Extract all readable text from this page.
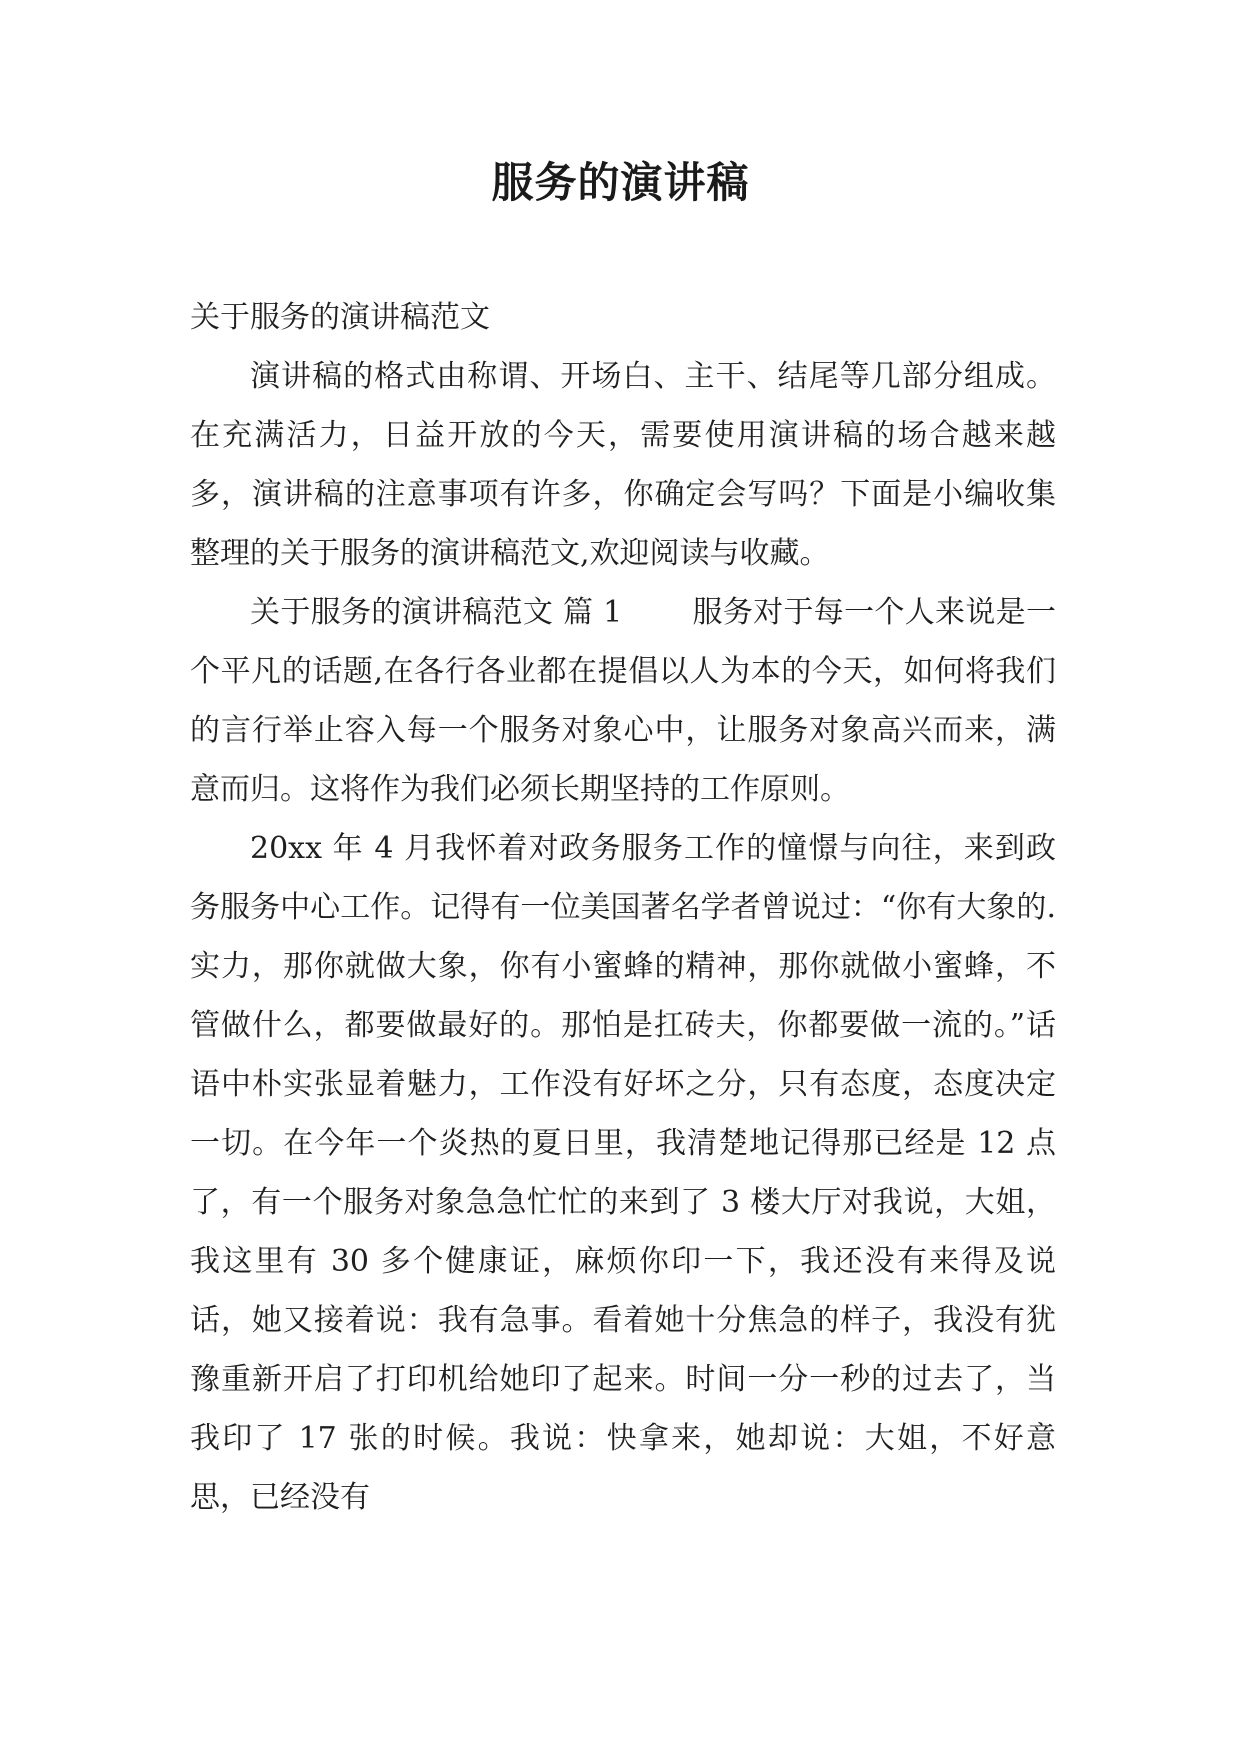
服务的演讲稿

关于服务的演讲稿范文

演讲稿的格式由称谓、开场白、主干、结尾等几部分组成。在充满活力，日益开放的今天，需要使用演讲稿的场合越来越多，演讲稿的注意事项有许多，你确定会写吗？下面是小编收集整理的关于服务的演讲稿范文,欢迎阅读与收藏。

关于服务的演讲稿范文 篇 1 服务对于每一个人来说是一个平凡的话题,在各行各业都在提倡以人为本的今天，如何将我们的言行举止容入每一个服务对象心中，让服务对象高兴而来，满意而归。这将作为我们必须长期坚持的工作原则。

20xx 年 4 月我怀着对政务服务工作的憧憬与向往，来到政务服务中心工作。记得有一位美国著名学者曾说过：“你有大象的.实力，那你就做大象，你有小蜜蜂的精神，那你就做小蜜蜂，不管做什么，都要做最好的。那怕是扛砖夫，你都要做一流的。”话语中朴实张显着魅力，工作没有好坏之分，只有态度，态度决定一切。在今年一个炎热的夏日里，我清楚地记得那已经是 12 点了，有一个服务对象急急忙忙的来到了 3 楼大厅对我说，大姐，我这里有 30 多个健康证，麻烦你印一下，我还没有来得及说话，她又接着说：我有急事。看着她十分焦急的样子，我没有犹豫重新开启了打印机给她印了起来。时间一分一秒的过去了，当我印了 17 张的时候。我说：快拿来，她却说：大姐，不好意思，已经没有
